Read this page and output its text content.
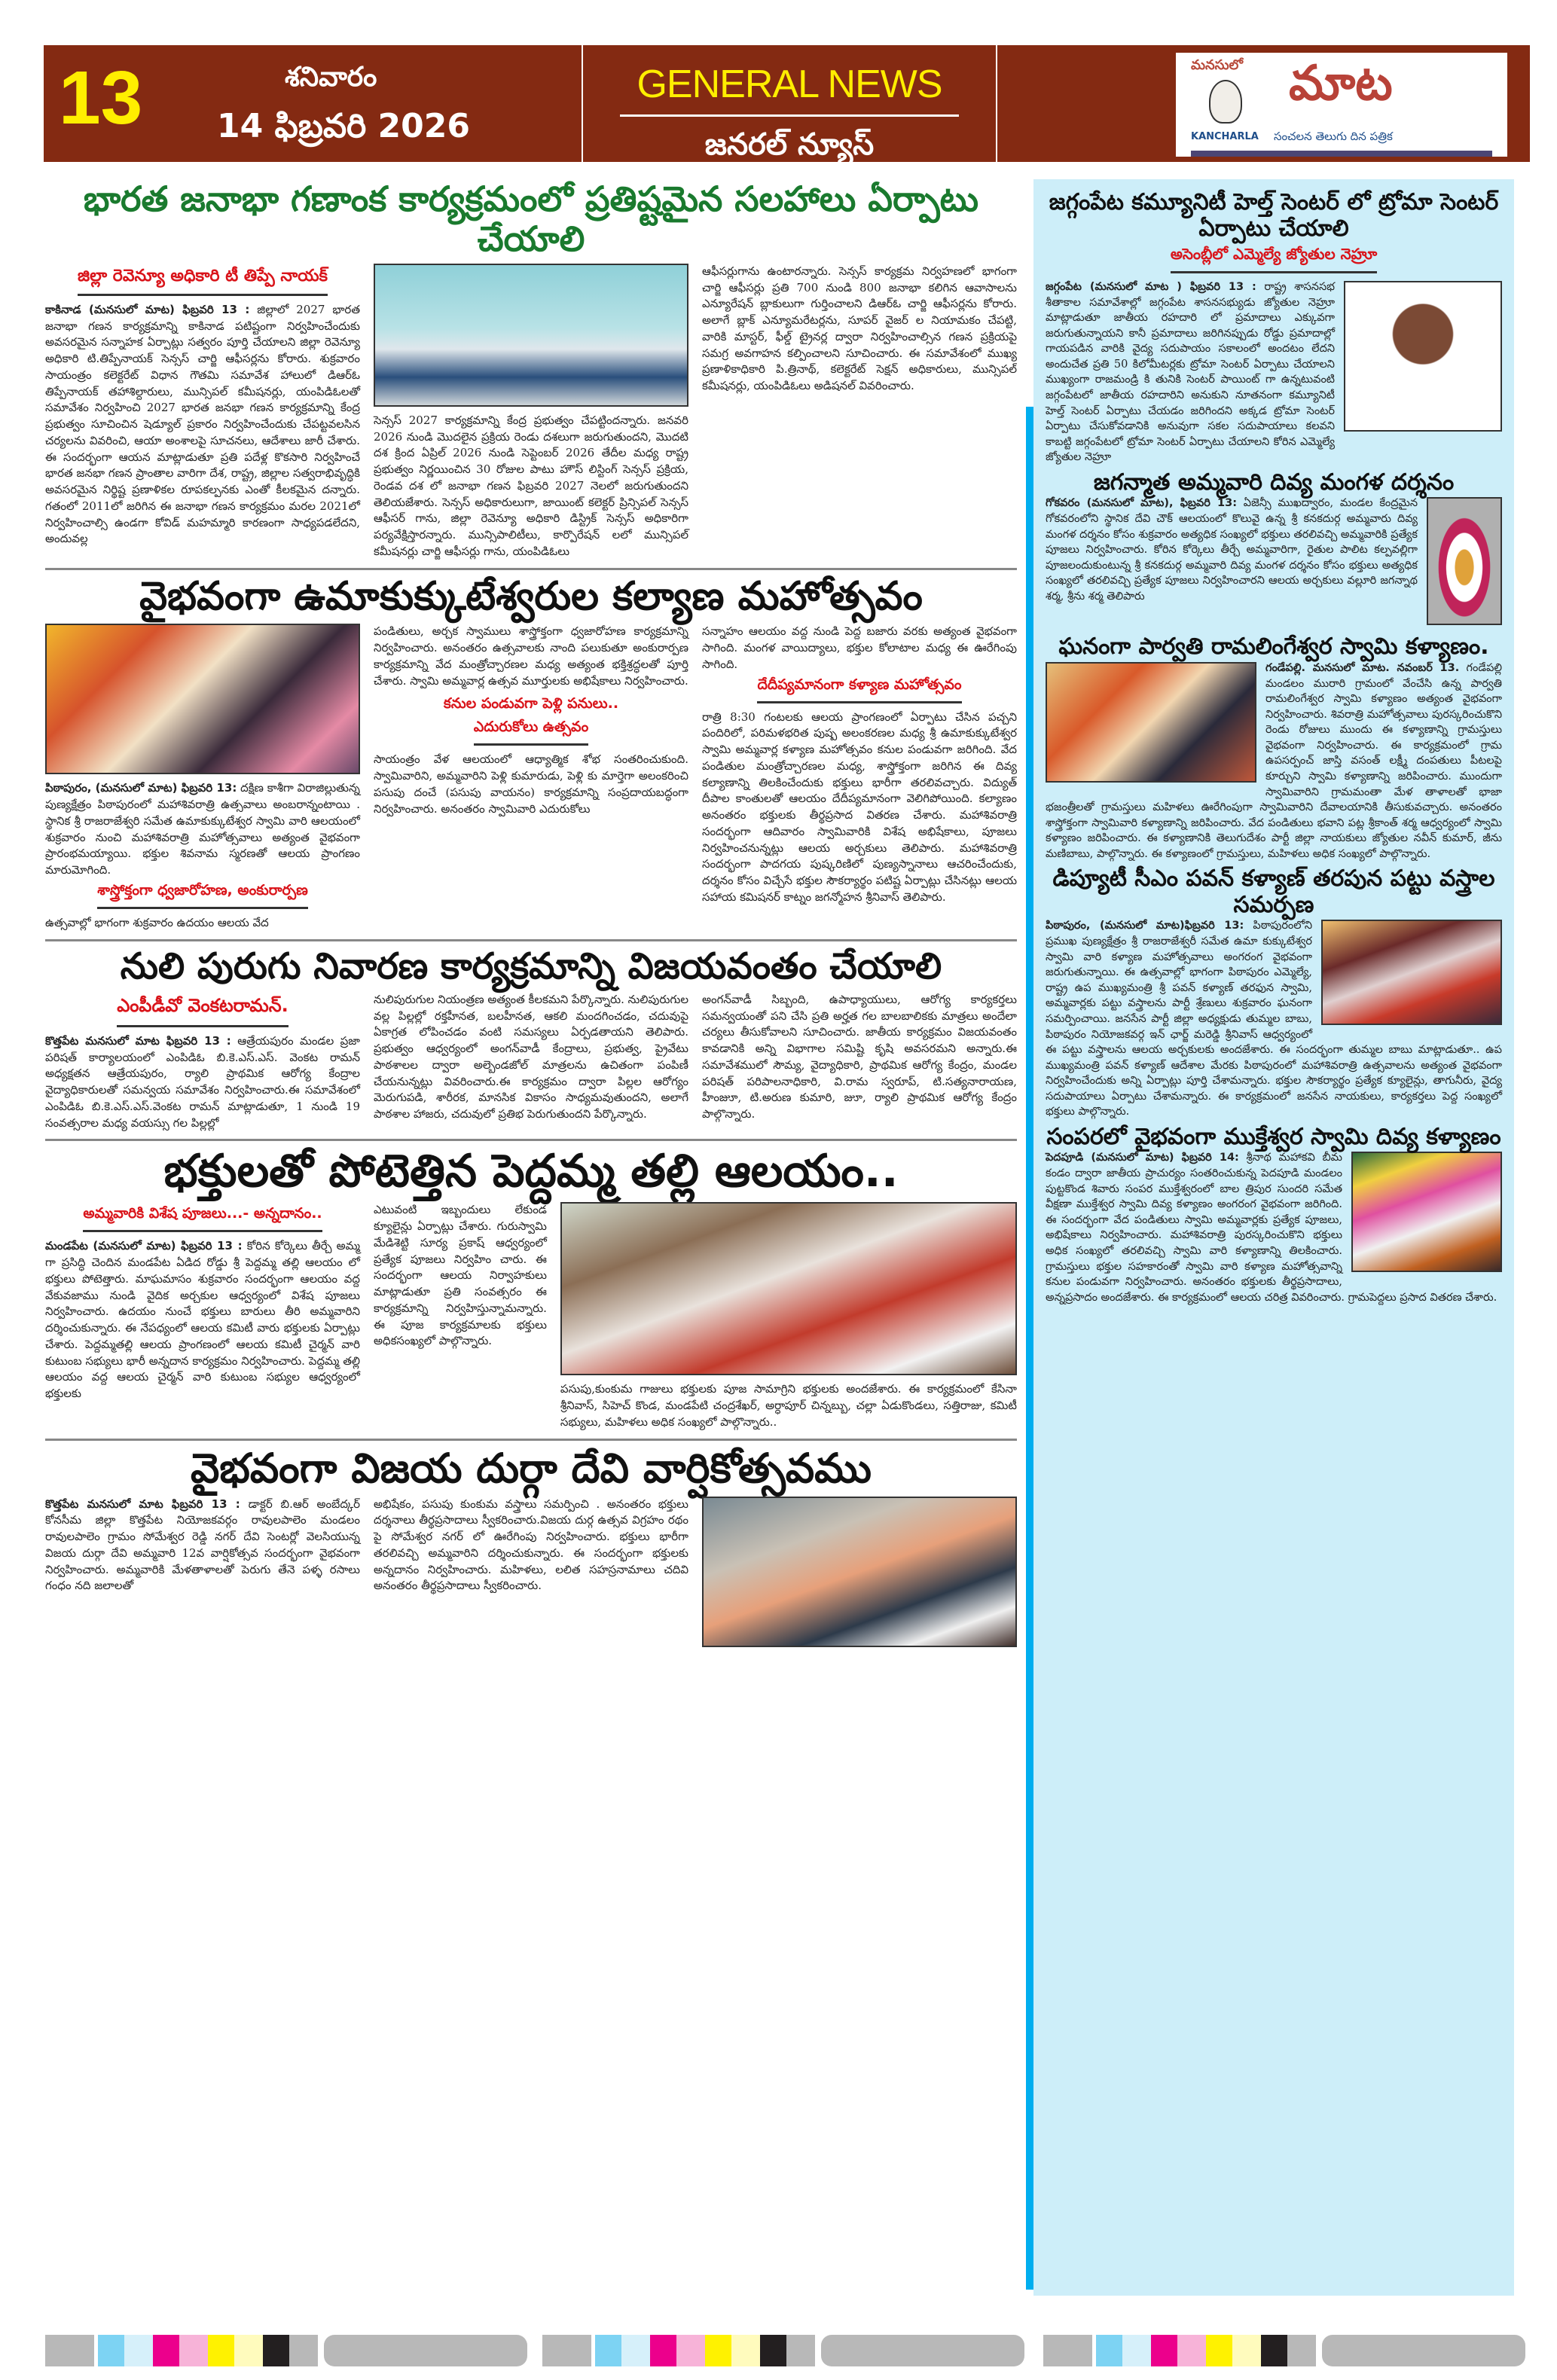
13	శనివారం
14 ఫిబ్రవరి 2026
GENERAL NEWS
జనరల్ న్యూస్
మనసులో మాట
KANCHARLA సంచలన తెలుగు దిన పత్రిక
భారత జనాభా గణాంక కార్యక్రమంలో ప్రతిష్టమైన సలహాలు ఏర్పాటు చేయాలి
జిల్లా రెవెన్యూ అధికారి టీ తిప్పే నాయక్
కాకినాడ (మనసులో మాట) ఫిబ్రవరి 13 : జిల్లాలో 2027 భారత జనాభా గణన కార్యక్రమాన్ని కాకినాడ పటిష్టంగా నిర్వహించేందుకు అవసరమైన సన్నాహక ఏర్పాట్లు సత్వరం పూర్తి చేయాలని జిల్లా రెవెన్యూ అధికారి టి.తిప్పేనాయక్ సెన్సస్ చార్జి ఆఫీసర్లను కోరారు. శుక్రవారం సాయంత్రం కలెక్టరేట్ విధాన గౌతమి సమావేశ హాలులో డిఆర్ఓ తిప్పేనాయక్ తహాశిల్దారులు, మున్సిపల్ కమీషనర్లు, యంపిడిఓలతో సమావేశం నిర్వహించి 2027 భారత జనభా గణన కార్యక్రమాన్ని కేంద్ర ప్రభుత్వం సూచించిన షెడ్యూల్ ప్రకారం నిర్వహించేందుకు చేపట్టవలసిన చర్యలను వివరించి, ఆయా అంశాలపై సూచనలు, ఆదేశాలు జారీ చేశారు. ఈ సందర్భంగా ఆయన మాట్లాడుతూ ప్రతి పదేళ్ల కొకసారి నిర్వహించే భారత జనభా గణన ప్రాంతాల వారిగా దేశ, రాష్ట్ర, జిల్లాల సత్వరాభివృద్ధికి అవసరమైన నిర్థిష్ట ప్రణాళికల రూపకల్పనకు ఎంతో కీలకమైన దన్నారు. గతంలో 2011లో జరిగిన ఈ జనాభా గణన కార్యక్రమం మరల 2021లో నిర్వహించాల్సి ఉండగా కోవిడ్ మహమ్మారి కారణంగా సాధ్యపడలేదని, అందువల్ల
సెన్సస్ 2027 కార్యక్రమాన్ని కేంద్ర ప్రభుత్వం చేపట్టిందన్నారు. జనవరి 2026 నుండి మొదలైన ప్రక్రియ రెండు దశలుగా జరుగుతుందని, మొదటి దశ క్రింద ఏప్రిల్ 2026 నుండి సెప్టెంబర్ 2026 తేదీల మధ్య రాష్ట్ర ప్రభుత్వం నిర్ణయించిన 30 రోజుల పాటు హౌస్ లిస్టింగ్ సెన్సస్ ప్రక్రియ, రెండవ దశ లో జనాభా గణన ఫిబ్రవరి 2027 నెలలో జరుగుతుందని తెలియజేశారు. సెన్సస్ అధికారులుగా, జాయింట్ కలెక్టర్ ప్రిన్సిపల్ సెన్సస్ ఆఫీసర్ గాను, జిల్లా రెవెన్యూ అధికారి డిస్ట్రిక్ సెన్సస్ అధికారిగా పర్యవేక్షిస్తారన్నారు. మున్సిపాలిటీలు, కార్పొరేషన్ లలో మున్సిపల్ కమీషనర్లు చార్జి ఆఫీసర్లు గాను, యంపిడిఓలు
ఆఫీసర్లుగాను ఉంటారన్నారు. సెన్సస్ కార్యక్రమ నిర్వహణలో భాగంగా చార్జి ఆఫీసర్లు ప్రతి 700 నుండి 800 జనాభా కలిగిన ఆవాసాలను ఎన్యూరేషన్ బ్లాకులుగా గుర్తించాలని డిఆర్ఓ చార్జి ఆఫీసర్లను కోరారు. అలాగే బ్లాక్ ఎన్యూమరేటర్లను, సూపర్ వైజర్ ల నియామకం చేపట్టి, వారికి మాస్టర్, ఫీల్డ్ ట్రైనర్ల ద్వారా నిర్వహించాల్సిన గణన ప్రక్రియపై సమగ్ర అవగాహన కల్పించాలని సూచించారు. ఈ సమావేశంలో ముఖ్య ప్రణాళికాధికారి పి.త్రినాథ్, కలెక్టరేట్ సెక్షన్ అధికారులు, మున్సిపల్ కమీషనర్లు, యంపిడిఓలు అడిషనల్ వివరించారు.
వైభవంగా ఉమాకుక్కుటేశ్వరుల కల్యాణ మహోత్సవం
పిఠాపురం, (మనసులో మాట) ఫిబ్రవరి 13: దక్షిణ కాశీగా విరాజిల్లుతున్న పుణ్యక్షేత్రం పిఠాపురంలో మహాశివరాత్రి ఉత్సవాలు అంబరాన్నంటాయి . స్థానిక శ్రీ రాజరాజేశ్వరి సమేత ఉమాకుక్కుటేశ్వర స్వామి వారి ఆలయంలో శుక్రవారం నుంచి మహాశివరాత్రి మహోత్సవాలు అత్యంత వైభవంగా ప్రారంభమయ్యాయి. భక్తుల శివనామ స్మరణతో ఆలయ ప్రాంగణం మారుమోగింది.
శాస్త్రోక్తంగా ధ్వజారోహణ, అంకురార్పణ
ఉత్సవాల్లో భాగంగా శుక్రవారం ఉదయం ఆలయ వేద
పండితులు, అర్చక స్వాములు శాస్త్రోక్తంగా ధ్వజారోహణ కార్యక్రమాన్ని నిర్వహించారు. అనంతరం ఉత్సవాలకు నాంది పలుకుతూ అంకురార్పణ కార్యక్రమాన్ని వేద మంత్రోచ్చారణల మధ్య అత్యంత భక్తిశ్రద్ధలతో పూర్తి చేశారు. స్వామి అమ్మవార్ల ఉత్సవ మూర్తులకు అభిషేకాలు నిర్వహించారు.
కనుల పండువగా పెళ్లి పనులు..
ఎదురుకోలు ఉత్సవం
సాయంత్రం వేళ ఆలయంలో ఆధ్యాత్మిక శోభ సంతరించుకుంది. స్వామివారిని, అమ్మవారిని పెళ్లి కుమారుడు, పెళ్లి కు మార్తెగా అలంకరించి పసుపు దంచే (పసుపు వాయనం) కార్యక్రమాన్ని సంప్రదాయబద్ధంగా నిర్వహించారు. అనంతరం స్వామివారి ఎదురుకోలు
సన్నాహం ఆలయం వద్ద నుండి పెద్ద బజారు వరకు అత్యంత వైభవంగా సాగింది. మంగళ వాయిద్యాలు, భక్తుల కోలాటాల మధ్య ఈ ఊరేగింపు సాగింది.
దేదీప్యమానంగా కళ్యాణ మహోత్సవం
రాత్రి 8:30 గంటలకు ఆలయ ప్రాంగణంలో ఏర్పాటు చేసిన పచ్చని పందిరిలో, పరిమళభరిత పుష్ప అలంకరణల మధ్య శ్రీ ఉమాకుక్కుటేశ్వర స్వామి అమ్మవార్ల కళ్యాణ మహోత్సవం కనుల పండువగా జరిగింది. వేద పండితుల మంత్రోచ్చారణల మధ్య, శాస్త్రోక్తంగా జరిగిన ఈ దివ్య కల్యాణాన్ని తిలకించేందుకు భక్తులు భారీగా తరలివచ్చారు. విద్యుత్ దీపాల కాంతులతో ఆలయం దేదీప్యమానంగా వెలిగిపోయింది. కల్యాణం అనంతరం భక్తులకు తీర్థప్రసాద వితరణ చేశారు. మహాశివరాత్రి సందర్భంగా ఆదివారం స్వామివారికి విశేష అభిషేకాలు, పూజలు నిర్వహించనున్నట్లు ఆలయ అర్చకులు తెలిపారు. మహాశివరాత్రి సందర్భంగా పాదగయ పుష్కరిణిలో పుణ్యస్నానాలు ఆచరించేందుకు, దర్శనం కోసం విచ్చేసే భక్తుల సౌకర్యార్థం పటిష్ట ఏర్పాట్లు చేసినట్లు ఆలయ సహాయ కమిషనర్ కాట్నం జగన్మోహన శ్రీనివాస్ తెలిపారు.
నులి పురుగు నివారణ కార్యక్రమాన్ని విజయవంతం చేయాలి
ఎంపీడీవో వెంకటరామన్.
కొత్తపేట మనసులో మాట ఫిబ్రవరి 13 : ఆత్రేయపురం మండల ప్రజా పరిషత్ కార్యాలయంలో ఎంపిడిఓ బి.కె.ఎస్.ఎస్. వెంకట రామన్ అధ్యక్షతన ఆత్రేయపురం, ర్యాలి ప్రాథమిక ఆరోగ్య కేంద్రాల వైద్యాధికారులతో సమన్వయ సమావేశం నిర్వహించారు.ఈ సమావేశంలో ఎంపిడిఓ బి.కె.ఎస్.ఎస్.వెంకట రామన్ మాట్లాడుతూ, 1 నుండి 19 సంవత్సరాల మధ్య వయస్సు గల పిల్లల్లో
నులిపురుగుల నియంత్రణ అత్యంత కీలకమని పేర్కొన్నారు. నులిపురుగుల వల్ల పిల్లల్లో రక్తహీనత, బలహీనత, ఆకలి మందగించడం, చదువుపై ఏకాగ్రత లోపించడం వంటి సమస్యలు ఏర్పడతాయని తెలిపారు. ప్రభుత్వం ఆధ్వర్యంలో అంగన్‌వాడీ కేంద్రాలు, ప్రభుత్వ, ప్రైవేటు పాఠశాలల ద్వారా అల్బెండజోల్ మాత్రలను ఉచితంగా పంపిణీ చేయనున్నట్లు వివరించారు.ఈ కార్యక్రమం ద్వారా పిల్లల ఆరోగ్యం మెరుగుపడి, శారీరక, మానసిక వికాసం సాధ్యమవుతుందని, అలాగే పాఠశాల హాజరు, చదువులో ప్రతిభ పెరుగుతుందని పేర్కొన్నారు.
అంగన్‌వాడీ సిబ్బంది, ఉపాధ్యాయులు, ఆరోగ్య కార్యకర్తలు సమన్వయంతో పని చేసి ప్రతి అర్హత గల బాలబాలికకు మాత్రలు అందేలా చర్యలు తీసుకోవాలని సూచించారు. జాతీయ కార్యక్రమం విజయవంతం కావడానికి అన్ని విభాగాల సమిష్టి కృషి అవసరమని అన్నారు.ఈ సమావేశములో సౌమ్య, వైద్యాధికారి, ప్రాథమిక ఆరోగ్య కేంద్రం, మండల పరిషత్ పరిపాలనాధికారి, వి.రామ స్వరూప్, టి.సత్యనారాయణ, హీంజుూ, టి.అరుణ కుమారి, జుూ, ర్యాలి ప్రాథమిక ఆరోగ్య కేంద్రం పాల్గొన్నారు.
భక్తులతో పోటెత్తిన పెద్దమ్మ తల్లి ఆలయం..
అమ్మవారికి విశేష పూజలు...- అన్నదానం..
మండపేట (మనసులో మాట) ఫిబ్రవరి 13 : కోరిన కోర్కెలు తీర్చే అమ్మ గా ప్రసిద్ధి చెందిన మండపేట ఏడిద రోడ్డు శ్రీ పెద్దమ్మ తల్లి ఆలయం లో భక్తులు పోటెత్తారు. మాఘమాసం శుక్రవారం సందర్భంగా ఆలయం వద్ద వేకువజాము నుండి వైదిక అర్చకుల ఆధ్వర్యంలో విశేష పూజలు నిర్వహించారు. ఉదయం నుంచే భక్తులు బారులు తీరి అమ్మవారిని దర్శించుకున్నారు. ఈ నేపధ్యంలో ఆలయ కమిటీ వారు భక్తులకు ఏర్పాట్లు చేశారు. పెద్దమ్మతల్లి ఆలయ ప్రాంగణంలో ఆలయ కమిటీ చైర్మన్ వారి కుటుంబ సభ్యులు భారీ అన్నదాన కార్యక్రమం నిర్వహించారు. పెద్దమ్మ తల్లి ఆలయం వద్ద ఆలయ చైర్మన్ వారి కుటుంబ సభ్యుల ఆధ్వర్యంలో భక్తులకు
ఎటువంటి ఇబ్బందులు లేకుండ క్యూలైన్లు ఏర్పాట్లు చేశారు. గురుస్వామి మేడిశెట్టి సూర్య ప్రకాష్ ఆధ్వర్యంలో ప్రత్యేక పూజలు నిర్వహిం చారు. ఈ సందర్భంగా ఆలయ నిర్వాహకులు మాట్లాడుతూ ప్రతి సంవత్సరం ఈ కార్యక్రమాన్ని నిర్వహిస్తున్నామన్నారు. ఈ పూజ కార్యక్రమాలకు భక్తులు అధికసంఖ్యలో పాల్గొన్నారు.
పసుపు,కుంకుమ గాజులు భక్తులకు పూజ సామాగ్రిని భక్తులకు అందజేశారు. ఈ కార్యక్రమంలో కేసినా శ్రీనివాస్, సిహెచ్ కొండ, మండపేటి చంద్రశేఖర్, అర్ధాపూర్ చిన్నబ్బు, చల్లా ఏడుకొండలు, సత్తిరాజు, కమిటీ సభ్యులు, మహిళలు అధిక సంఖ్యలో పాల్గొన్నారు..
వైభవంగా విజయ దుర్గా దేవి వార్షికోత్సవము
కొత్తపేట మనసులో మాట ఫిబ్రవరి 13 : డాక్టర్ బి.ఆర్ అంబేద్కర్ కోనసీమ జిల్లా కొత్తపేట నియోజకవర్గం రావులపాలెం మండలం రావులపాలెం గ్రామం సోమేశ్వర రెడ్డి నగర్ దేవి సెంటర్లో వెలసియున్న విజయ దుర్గా దేవి అమ్మవారి 12వ వార్షికోత్సవ సందర్భంగా వైభవంగా నిర్వహించారు. అమ్మవారికి మేళతాళాలతో పెరుగు తేనె పళ్ళ రసాలు గంధం నది జలాలతో
అభిషేకం, పసుపు కుంకుమ వస్త్రాలు సమర్పించి . అనంతరం భక్తులు దర్శనాలు తీర్థప్రసాదాలు స్వీకరించారు.విజయ దుర్గ ఉత్సవ విగ్రహం రథం పై సోమేశ్వర నగర్ లో ఊరేగింపు నిర్వహించారు. భక్తులు భారీగా తరలివచ్చి అమ్మవారిని దర్శించుకున్నారు. ఈ సందర్భంగా భక్తులకు అన్నదానం నిర్వహించారు. మహిళలు, లలిత సహస్రనామాలు చదివి అనంతరం తీర్థప్రసాదాలు స్వీకరించారు.
జగ్గంపేట కమ్యూనిటీ హెల్త్ సెంటర్ లో ట్రోమా సెంటర్ ఏర్పాటు చేయాలి
అసెంబ్లీలో ఎమ్మెల్యే జ్యోతుల నెహ్రూ
జగ్గంపేట (మనసులో మాట ) ఫిబ్రవరి 13 : రాష్ట్ర శాసనసభ శీతాకాల సమావేశాల్లో జగ్గంపేట శాసనసభ్యుడు జ్యోతుల నెహ్రూ మాట్లాడుతూ జాతీయ రహదారి లో ప్రమాదాలు ఎక్కువగా జరుగుతున్నాయని కానీ ప్రమాదాలు జరిగినప్పుడు రోడ్డు ప్రమాదాల్లో గాయపడిన వారికి వైద్య సదుపాయం సకాలంలో అందటం లేదని అందుచేత ప్రతి 50 కిలోమీటర్లకు ట్రోమా సెంటర్ ఏర్పాటు చేయాలని ముఖ్యంగా రాజమండ్రి కి తునికి సెంటర్ పాయింట్ గా ఉన్నటువంటి జగ్గంపేటలో జాతీయ రహదారిని అనుకుని నూతనంగా కమ్యూనిటీ హెల్త్ సెంటర్ ఏర్పాటు చేయడం జరిగిందని అక్కడ ట్రోమా సెంటర్ ఏర్పాటు చేసుకోవడానికి అనువుగా సకల సదుపాయాలు కలవని కాబట్టి జగ్గంపేటలో ట్రోమా సెంటర్ ఏర్పాటు చేయాలని కోరిన ఎమ్మెల్యే జ్యోతుల నెహ్రూ
జగన్మాత అమ్మవారి దివ్య మంగళ దర్శనం
గోకవరం (మనసులో మాట), ఫిబ్రవరి 13: ఏజెన్సీ ముఖద్వారం, మండల కేంద్రమైన గోకవరంలోని స్థానిక దేవి చౌక్ ఆలయంలో కొలువై ఉన్న శ్రీ కనకదుర్గ అమ్మవారు దివ్య మంగళ దర్శనం కోసం శుక్రవారం అత్యధిక సంఖ్యలో భక్తులు తరలివచ్చి అమ్మవారికి ప్రత్యేక పూజలు నిర్వహించారు. కోరిన కోర్కెలు తీర్చే అమ్మవారిగా, రైతుల పాలిట కల్పవల్లిగా పూజలందుకుంటున్న శ్రీ కనకదుర్గ అమ్మవారి దివ్య మంగళ దర్శనం కోసం భక్తులు అత్యధిక సంఖ్యలో తరలివచ్చి ప్రత్యేక పూజలు నిర్వహించారని ఆలయ అర్చకులు వల్లూరి జగన్నాథ శర్మ, శ్రీను శర్మ తెలిపారు
ఘనంగా పార్వతి రామలింగేశ్వర స్వామి కళ్యాణం.
గండేపల్లి. మనసులో మాట. నవంబర్ 13. గండేపల్లి మండలం మురారి గ్రామంలో వేంచేసి ఉన్న పార్వతి రామలింగేశ్వర స్వామి కళ్యాణం అత్యంత వైభవంగా నిర్వహించారు. శివరాత్రి మహోత్సవాలు పురస్కరించుకొని రెండు రోజులు ముందు ఈ కళ్యాణాన్ని గ్రామస్తులు వైభవంగా నిర్వహించారు. ఈ కార్యక్రమంలో గ్రామ ఉపసర్పంచ్ జాస్తి వసంత్ లక్ష్మీ దంపతులు పీటలపై కూర్చుని స్వామి కళ్యాణాన్ని జరిపించారు. ముందుగా స్వామివారిని గ్రామమంతా మేళ తాళాలతో భాజా భజంత్రీలతో గ్రామస్తులు మహిళలు ఊరేగింపుగా స్వామివారిని దేవాలయానికి తీసుకువచ్చారు. అనంతరం శాస్త్రోక్తంగా స్వామివారి కళ్యాణాన్ని జరిపించారు. వేద పండితులు భవాని పట్ల శ్రీకాంత్ శర్మ ఆధ్వర్యంలో స్వామి కళ్యాణం జరిపించారు. ఈ కళ్యాణానికి తెలుగుదేశం పార్టీ జిల్లా నాయకులు జ్యోతుల నవీన్ కుమార్, జీను మణిబాబు, పాల్గొన్నారు. ఈ కళ్యాణంలో గ్రామస్తులు, మహిళలు అధిక సంఖ్యలో పాల్గొన్నారు.
డిప్యూటీ సీఎం పవన్ కళ్యాణ్ తరపున పట్టు వస్త్రాల సమర్పణ
పిఠాపురం, (మనసులో మాట)ఫిబ్రవరి 13: పిఠాపురంలోని ప్రముఖ పుణ్యక్షేత్రం శ్రీ రాజరాజేశ్వరీ సమేత ఉమా కుక్కుటేశ్వర స్వామి వారి కళ్యాణ మహోత్సవాలు అంగరంగ వైభవంగా జరుగుతున్నాయి. ఈ ఉత్సవాల్లో భాగంగా పిఠాపురం ఎమ్మెల్యే, రాష్ట్ర ఉప ముఖ్యమంత్రి శ్రీ పవన్ కళ్యాణ్ తరఫున స్వామి, అమ్మవార్లకు పట్టు వస్త్రాలను పార్టీ శ్రేణులు శుక్రవారం ఘనంగా సమర్పించాయి. జనసేన పార్టీ జిల్లా అధ్యక్షుడు తుమ్మల బాబు, పిఠాపురం నియోజకవర్గ ఇన్ ఛార్జ్ మరెడ్డి శ్రీనివాస్ ఆధ్వర్యంలో ఈ పట్టు వస్త్రాలను ఆలయ అర్చకులకు అందజేశారు. ఈ సందర్భంగా తుమ్మల బాబు మాట్లాడుతూ.. ఉప ముఖ్యమంత్రి పవన్ కళ్యాణ్ ఆదేశాల మేరకు పిఠాపురంలో మహాశివరాత్రి ఉత్సవాలను అత్యంత వైభవంగా నిర్వహించేందుకు అన్ని ఏర్పాట్లు పూర్తి చేశామన్నారు. భక్తుల సౌకర్యార్థం ప్రత్యేక క్యూలైన్లు, తాగునీరు, వైద్య సదుపాయాలు ఏర్పాటు చేశామన్నారు. ఈ కార్యక్రమంలో జనసేన నాయకులు, కార్యకర్తలు పెద్ద సంఖ్యలో భక్తులు పాల్గొన్నారు.
సంపరలో వైభవంగా ముక్తేశ్వర స్వామి దివ్య కళ్యాణం
పెదపూడి (మనసులో మాట) ఫిబ్రవరి 14: శ్రీనాథ మహాకవి బీమ కండం ద్వారా జాతీయ ప్రాచుర్యం సంతరించుకున్న పెదపూడి మండలం పుట్టకొండ శివారు సంపర ముక్తేశ్వరంలో బాల త్రిపుర సుందరి సమేత వీక్షణా ముక్తేశ్వర స్వామి దివ్య కళ్యాణం అంగరంగ వైభవంగా జరిగింది. ఈ సందర్భంగా వేద పండితులు స్వామి అమ్మవార్లకు ప్రత్యేక పూజలు, అభిషేకాలు నిర్వహించారు. మహాశివరాత్రి పురస్కరించుకొని భక్తులు అధిక సంఖ్యలో తరలివచ్చి స్వామి వారి కళ్యాణాన్ని తిలకించారు. గ్రామస్తులు భక్తుల సహకారంతో స్వామి వారి కళ్యాణ మహోత్సవాన్ని కనుల పండువగా నిర్వహించారు. అనంతరం భక్తులకు తీర్థప్రసాదాలు, అన్నప్రసాదం అందజేశారు. ఈ కార్యక్రమంలో ఆలయ చరిత్ర వివరించారు. గ్రామపెద్దలు ప్రసాద వితరణ చేశారు.
